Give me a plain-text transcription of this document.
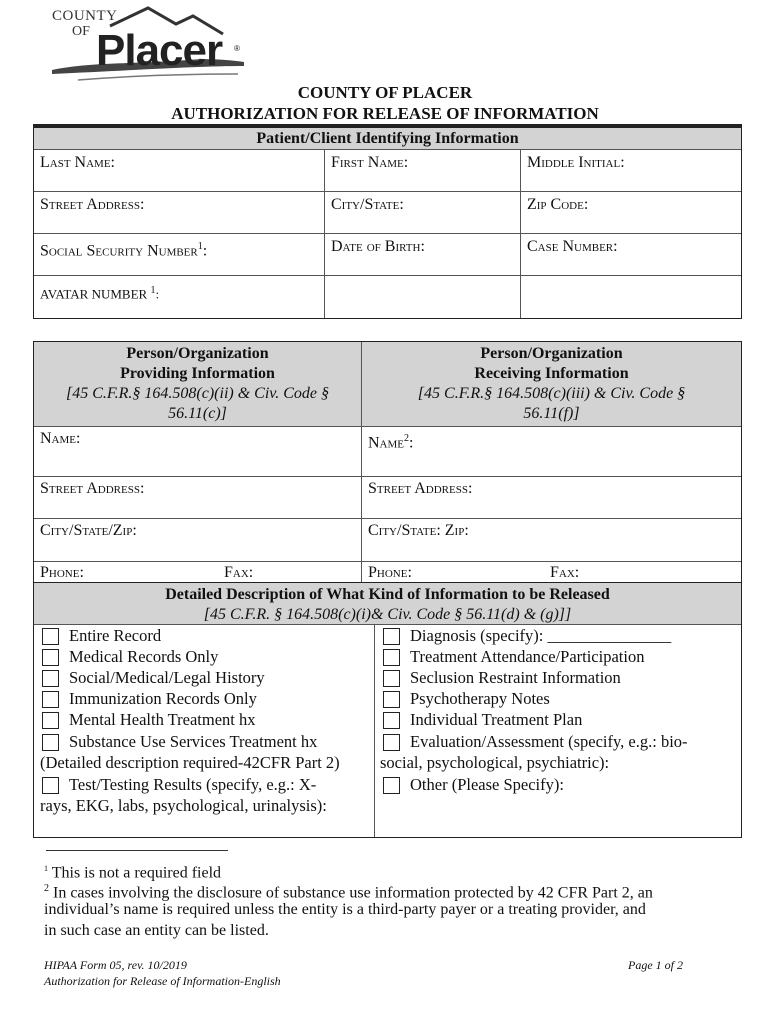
COUNTY
OF Placer ®
COUNTY OF PLACER
AUTHORIZATION FOR RELEASE OF INFORMATION
Patient/Client Identifying Information
Last Name:	First Name:	Middle Initial:
Street Address:	City/State:	Zip Code:
Social Security Number$^1$:	Date of Birth:	Case Number:
AVATAR NUMBER $^1$:
Person/Organization
Providing Information
[45 C.F.R.§ 164.508(c)(ii) & Civ. Code §
56.11(c)]
Person/Organization
Receiving Information
[45 C.F.R.§ 164.508(c)(iii) & Civ. Code §
56.11(f)]
Name:	Name$^2$:
Street Address:	Street Address:
City/State/Zip:	City/State: Zip:
Phone:	Fax:	Phone:	Fax:
Detailed Description of What Kind of Information to be Released
[45 C.F.R. § 164.508(c)(i)& Civ. Code § 56.11(d) & (g)]]
Entire Record
Medical Records Only
Social/Medical/Legal History
Immunization Records Only
Mental Health Treatment hx
Substance Use Services Treatment hx
(Detailed description required-42CFR Part 2)
Test/Testing Results (specify, e.g.: X-
rays, EKG, labs, psychological, urinalysis):
Diagnosis (specify): _______________
Treatment Attendance/Participation
Seclusion Restraint Information
Psychotherapy Notes
Individual Treatment Plan
Evaluation/Assessment (specify, e.g.: bio-
social, psychological, psychiatric):
Other (Please Specify):
$^1$ This is not a required field
$^2$ In cases involving the disclosure of substance use information protected by 42 CFR Part 2, an
individual’s name is required unless the entity is a third-party payer or a treating provider, and
in such case an entity can be listed.
HIPAA Form 05, rev. 10/2019
Authorization for Release of Information-English
Page 1 of 2
